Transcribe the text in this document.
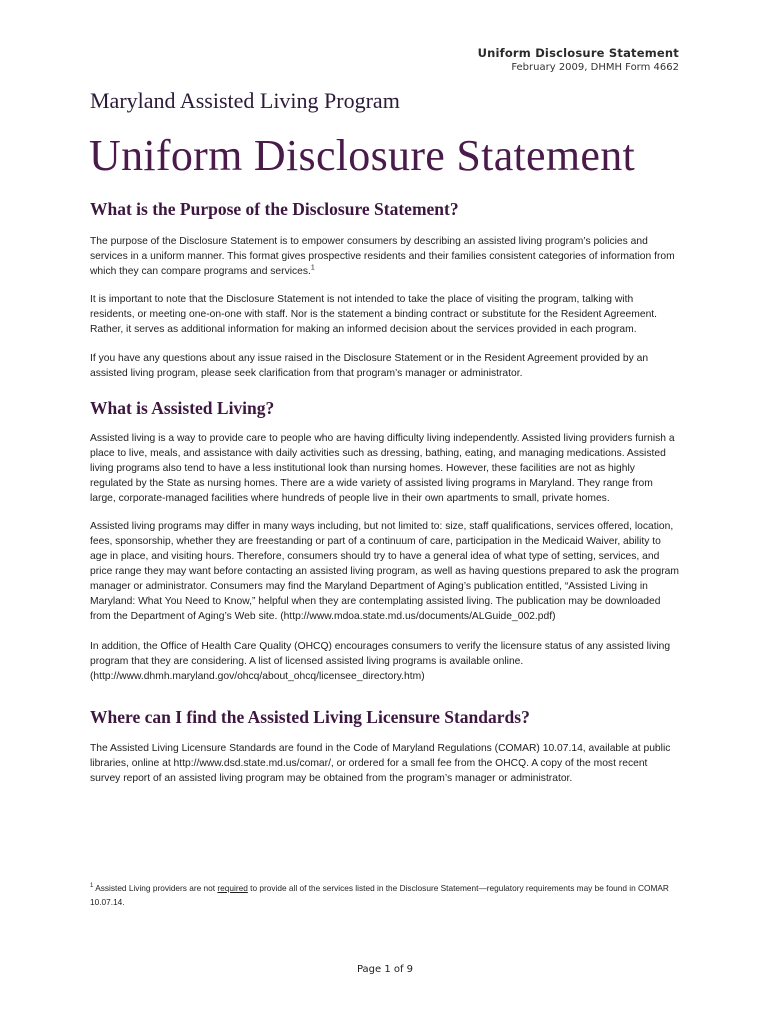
Uniform Disclosure Statement
February 2009, DHMH Form 4662
Maryland Assisted Living Program
Uniform Disclosure Statement
What is the Purpose of the Disclosure Statement?

The purpose of the Disclosure Statement is to empower consumers by describing an assisted living program’s policies and services in a uniform manner. This format gives prospective residents and their families consistent categories of information from which they can compare programs and services.$^1$

It is important to note that the Disclosure Statement is not intended to take the place of visiting the program, talking with residents, or meeting one-on-one with staff. Nor is the statement a binding contract or substitute for the Resident Agreement. Rather, it serves as additional information for making an informed decision about the services provided in each program.

If you have any questions about any issue raised in the Disclosure Statement or in the Resident Agreement provided by an assisted living program, please seek clarification from that program’s manager or administrator.

What is Assisted Living?

Assisted living is a way to provide care to people who are having difficulty living independently. Assisted living providers furnish a place to live, meals, and assistance with daily activities such as dressing, bathing, eating, and managing medications. Assisted living programs also tend to have a less institutional look than nursing homes. However, these facilities are not as highly regulated by the State as nursing homes. There are a wide variety of assisted living programs in Maryland. They range from large, corporate-managed facilities where hundreds of people live in their own apartments to small, private homes.

Assisted living programs may differ in many ways including, but not limited to: size, staff qualifications, services offered, location, fees, sponsorship, whether they are freestanding or part of a continuum of care, participation in the Medicaid Waiver, ability to age in place, and visiting hours. Therefore, consumers should try to have a general idea of what type of setting, services, and price range they may want before contacting an assisted living program, as well as having questions prepared to ask the program manager or administrator. Consumers may find the Maryland Department of Aging’s publication entitled, “Assisted Living in Maryland: What You Need to Know,” helpful when they are contemplating assisted living. The publication may be downloaded from the Department of Aging’s Web site. (http://www.mdoa.state.md.us/documents/ALGuide_002.pdf)

In addition, the Office of Health Care Quality (OHCQ) encourages consumers to verify the licensure status of any assisted living program that they are considering. A list of licensed assisted living programs is available online. (http://www.dhmh.maryland.gov/ohcq/about_ohcq/licensee_directory.htm)

Where can I find the Assisted Living Licensure Standards?

The Assisted Living Licensure Standards are found in the Code of Maryland Regulations (COMAR) 10.07.14, available at public libraries, online at http://www.dsd.state.md.us/comar/, or ordered for a small fee from the OHCQ. A copy of the most recent survey report of an assisted living program may be obtained from the program’s manager or administrator.

$^1$ Assisted Living providers are not required to provide all of the services listed in the Disclosure Statement—regulatory requirements may be found in COMAR 10.07.14.

Page 1 of 9
